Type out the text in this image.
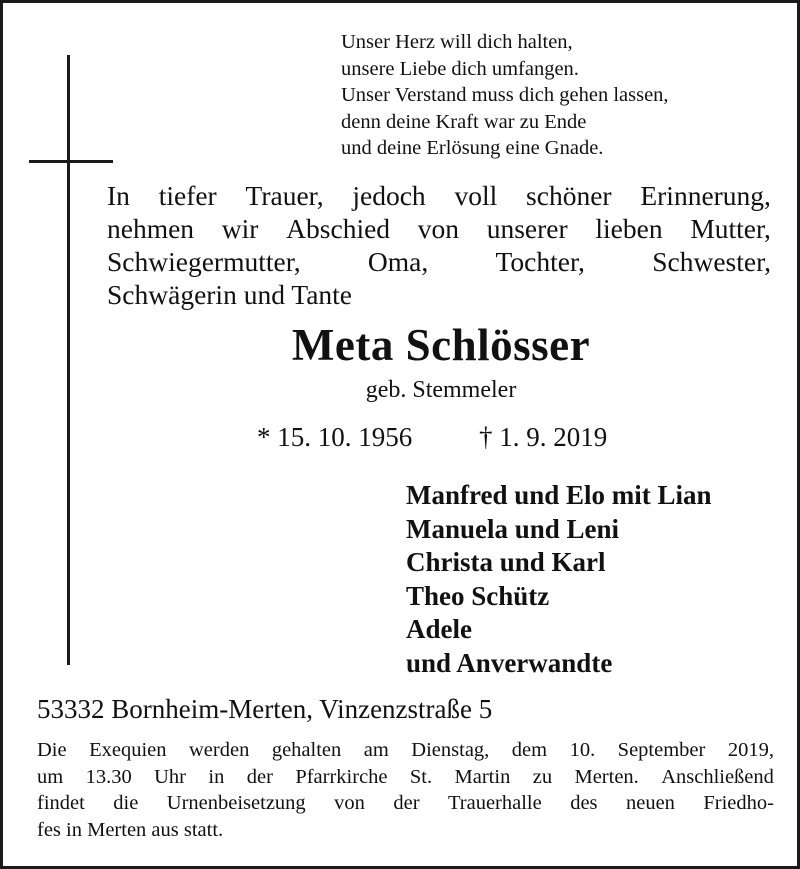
Unser Herz will dich halten,
unsere Liebe dich umfangen.
Unser Verstand muss dich gehen lassen,
denn deine Kraft war zu Ende
und deine Erlösung eine Gnade.
In tiefer Trauer, jedoch voll schöner Erinnerung,
nehmen wir Abschied von unserer lieben Mutter,
Schwiegermutter, Oma, Tochter, Schwester,
Schwägerin und Tante
Meta Schlösser
geb. Stemmeler
* 15. 10. 1956 † 1. 9. 2019
Manfred und Elo mit Lian
Manuela und Leni
Christa und Karl
Theo Schütz
Adele
und Anverwandte
53332 Bornheim-Merten, Vinzenzstraße 5
Die Exequien werden gehalten am Dienstag, dem 10. September 2019,
um 13.30 Uhr in der Pfarrkirche St. Martin zu Merten. Anschließend
findet die Urnenbeisetzung von der Trauerhalle des neuen Friedho-
fes in Merten aus statt.
